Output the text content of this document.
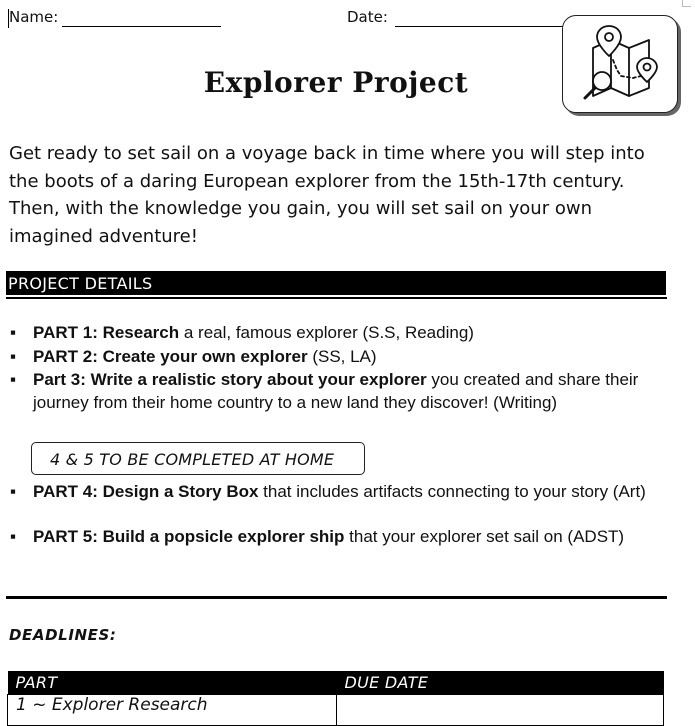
Name:	Date:
Explorer Project
Get ready to set sail on a voyage back in time where you will step into the boots of a daring European explorer from the 15th-17th century. Then, with the knowledge you gain, you will set sail on your own imagined adventure!
PROJECT DETAILS
▪ PART 1: Research a real, famous explorer (S.S, Reading)
▪ PART 2: Create your own explorer (SS, LA)
▪ Part 3: Write a realistic story about your explorer you created and share their journey from their home country to a new land they discover! (Writing)
4 & 5 TO BE COMPLETED AT HOME
▪ PART 4: Design a Story Box that includes artifacts connecting to your story (Art)
▪ PART 5: Build a popsicle explorer ship that your explorer set sail on (ADST)
DEADLINES:
PART	DUE DATE
1 ~ Explorer Research	
